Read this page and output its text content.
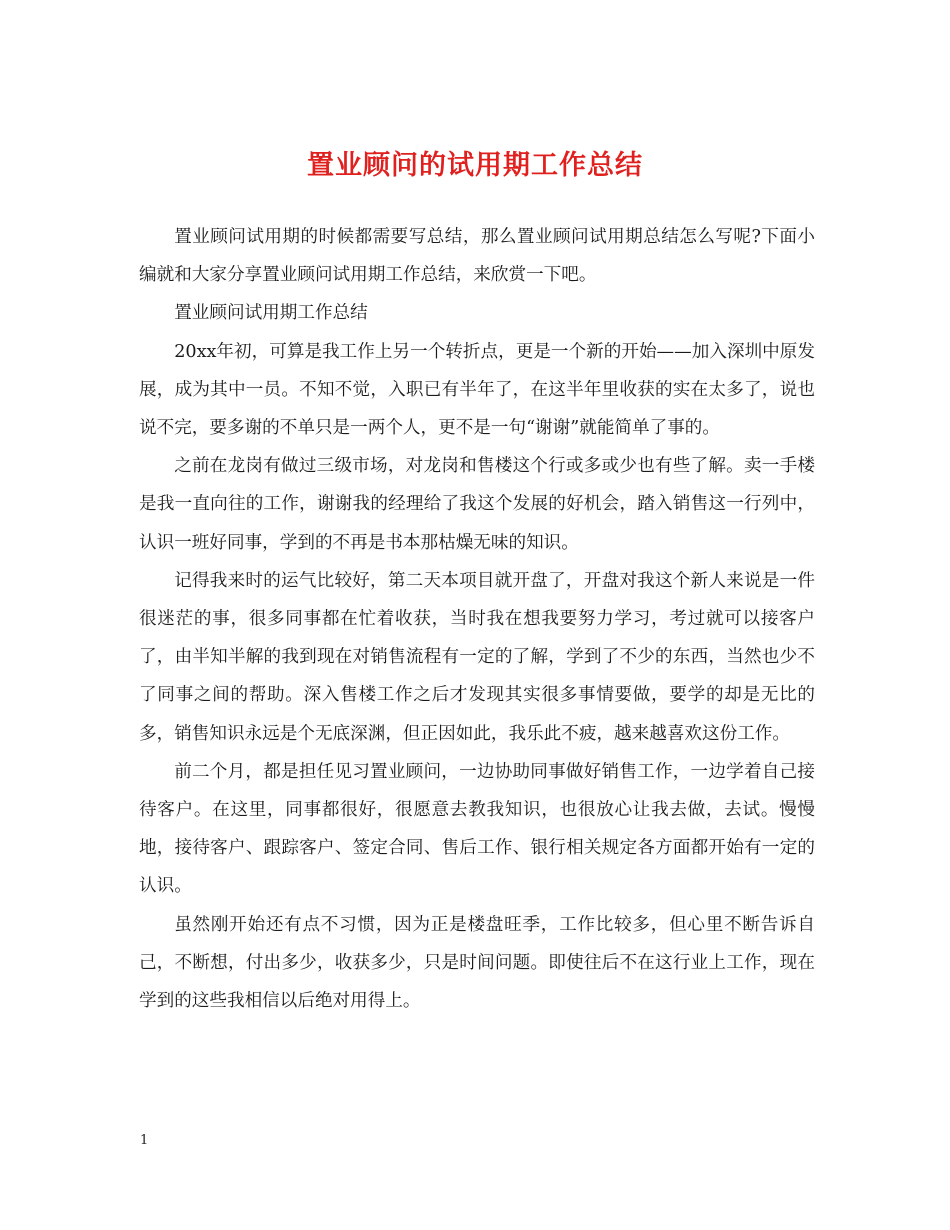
置业顾问的试用期工作总结

置业顾问试用期的时候都需要写总结，那么置业顾问试用期总结怎么写呢?下面小编就和大家分享置业顾问试用期工作总结，来欣赏一下吧。

置业顾问试用期工作总结

20xx年初，可算是我工作上另一个转折点，更是一个新的开始——加入深圳中原发展，成为其中一员。不知不觉，入职已有半年了，在这半年里收获的实在太多了，说也说不完，要多谢的不单只是一两个人，更不是一句“谢谢”就能简单了事的。

之前在龙岗有做过三级市场，对龙岗和售楼这个行或多或少也有些了解。卖一手楼是我一直向往的工作，谢谢我的经理给了我这个发展的好机会，踏入销售这一行列中，认识一班好同事，学到的不再是书本那枯燥无味的知识。

记得我来时的运气比较好，第二天本项目就开盘了，开盘对我这个新人来说是一件很迷茫的事，很多同事都在忙着收获，当时我在想我要努力学习，考过就可以接客户了，由半知半解的我到现在对销售流程有一定的了解，学到了不少的东西，当然也少不了同事之间的帮助。深入售楼工作之后才发现其实很多事情要做，要学的却是无比的多，销售知识永远是个无底深渊，但正因如此，我乐此不疲，越来越喜欢这份工作。

前二个月，都是担任见习置业顾问，一边协助同事做好销售工作，一边学着自己接待客户。在这里，同事都很好，很愿意去教我知识，也很放心让我去做，去试。慢慢地，接待客户、跟踪客户、签定合同、售后工作、银行相关规定各方面都开始有一定的认识。

虽然刚开始还有点不习惯，因为正是楼盘旺季，工作比较多，但心里不断告诉自己，不断想，付出多少，收获多少，只是时间问题。即使往后不在这行业上工作，现在学到的这些我相信以后绝对用得上。

1
